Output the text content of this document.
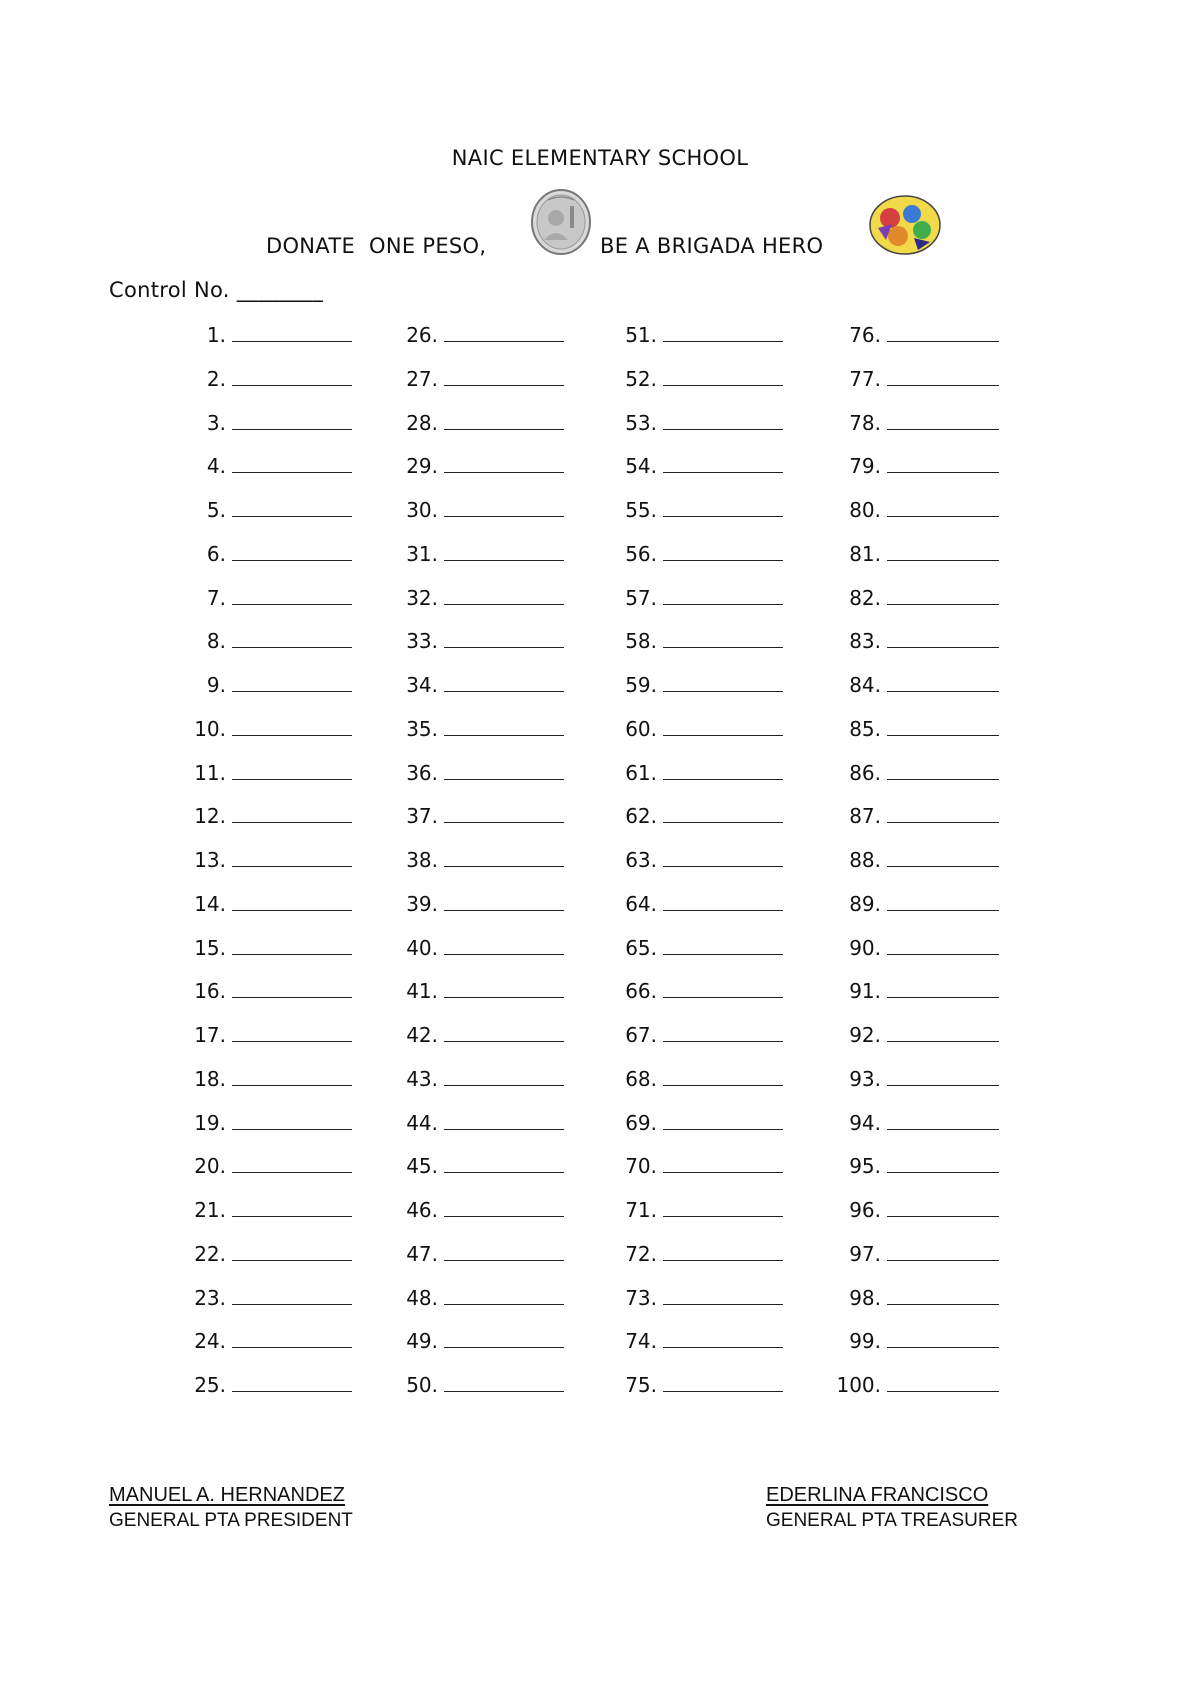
NAIC ELEMENTARY SCHOOL
DONATE  ONE PESO,	BE A BRIGADA HERO
Control No. ________
1.
2.
3.
4.
5.
6.
7.
8.
9.
10.
11.
12.
13.
14.
15.
16.
17.
18.
19.
20.
21.
22.
23.
24.
25.
26.
27.
28.
29.
30.
31.
32.
33.
34.
35.
36.
37.
38.
39.
40.
41.
42.
43.
44.
45.
46.
47.
48.
49.
50.
51.
52.
53.
54.
55.
56.
57.
58.
59.
60.
61.
62.
63.
64.
65.
66.
67.
68.
69.
70.
71.
72.
73.
74.
75.
76.
77.
78.
79.
80.
81.
82.
83.
84.
85.
86.
87.
88.
89.
90.
91.
92.
93.
94.
95.
96.
97.
98.
99.
100.
MANUEL A. HERNANDEZ
GENERAL PTA PRESIDENT
EDERLINA FRANCISCO
GENERAL PTA TREASURER
